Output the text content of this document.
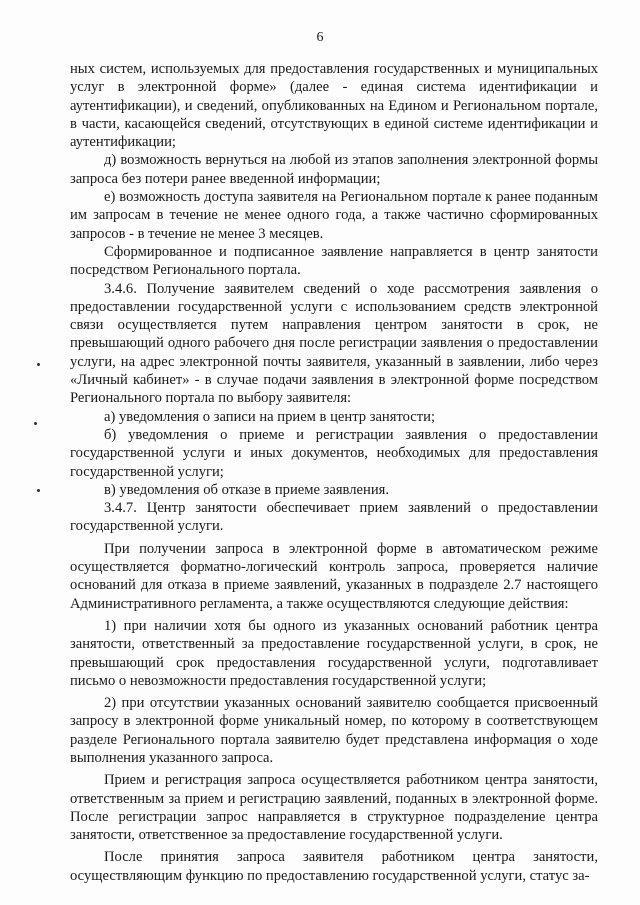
6

ных систем, используемых для предоставления государственных и муниципальных услуг в электронной форме» (далее - единая система идентификации и аутентификации), и сведений, опубликованных на Едином и Региональном портале, в части, касающейся сведений, отсутствующих в единой системе идентификации и аутентификации;

д) возможность вернуться на любой из этапов заполнения электронной формы запроса без потери ранее введенной информации;

е) возможность доступа заявителя на Региональном портале к ранее поданным им запросам в течение не менее одного года, а также частично сформированных запросов - в течение не менее 3 месяцев.

Сформированное и подписанное заявление направляется в центр занятости посредством Регионального портала.

3.4.6. Получение заявителем сведений о ходе рассмотрения заявления о предоставлении государственной услуги с использованием средств электронной связи осуществляется путем направления центром занятости в срок, не превышающий одного рабочего дня после регистрации заявления о предоставлении услуги, на адрес электронной почты заявителя, указанный в заявлении, либо через «Личный кабинет» - в случае подачи заявления в электронной форме посредством Регионального портала по выбору заявителя:

а) уведомления о записи на прием в центр занятости;

б) уведомления о приеме и регистрации заявления о предоставлении государственной услуги и иных документов, необходимых для предоставления государственной услуги;

в) уведомления об отказе в приеме заявления.

3.4.7. Центр занятости обеспечивает прием заявлений о предоставлении государственной услуги.

При получении запроса в электронной форме в автоматическом режиме осуществляется форматно-логический контроль запроса, проверяется наличие оснований для отказа в приеме заявлений, указанных в подразделе 2.7 настоящего Административного регламента, а также осуществляются следующие действия:

1) при наличии хотя бы одного из указанных оснований работник центра занятости, ответственный за предоставление государственной услуги, в срок, не превышающий срок предоставления государственной услуги, подготавливает письмо о невозможности предоставления государственной услуги;

2) при отсутствии указанных оснований заявителю сообщается присвоенный запросу в электронной форме уникальный номер, по которому в соответствующем разделе Регионального портала заявителю будет представлена информация о ходе выполнения указанного запроса.

Прием и регистрация запроса осуществляется работником центра занятости, ответственным за прием и регистрацию заявлений, поданных в электронной форме. После регистрации запрос направляется в структурное подразделение центра занятости, ответственное за предоставление государственной услуги.

После принятия запроса заявителя работником центра занятости, осуществляющим функцию по предоставлению государственной услуги, статус за-
